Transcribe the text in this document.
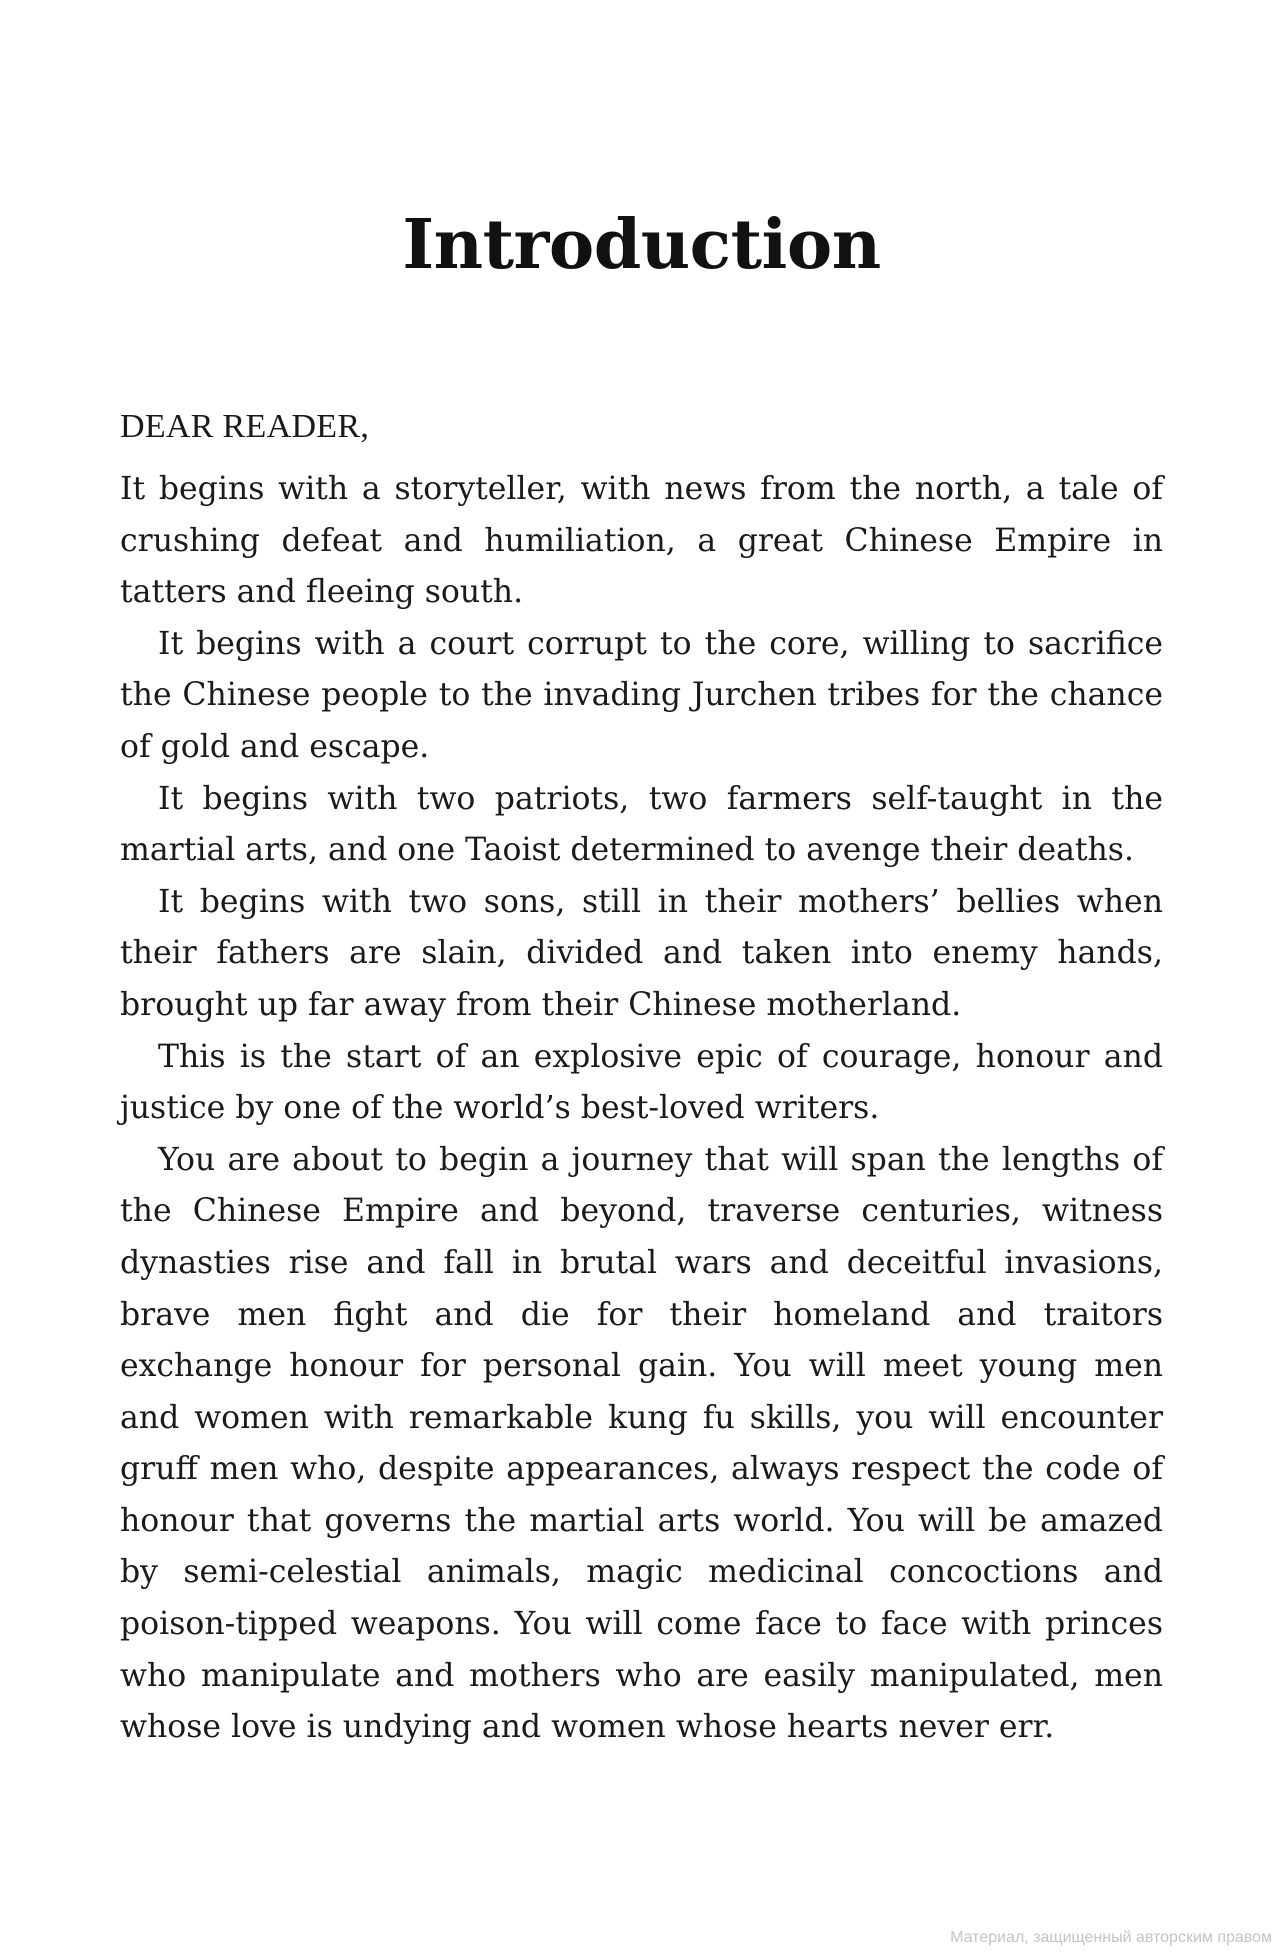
Introduction

DEAR READER,

It begins with a storyteller, with news from the north, a tale of crushing defeat and humiliation, a great Chinese Empire in tatters and fleeing south.

It begins with a court corrupt to the core, willing to sacrifice the Chinese people to the invading Jurchen tribes for the chance of gold and escape.

It begins with two patriots, two farmers self-taught in the martial arts, and one Taoist determined to avenge their deaths.

It begins with two sons, still in their mothers’ bellies when their fathers are slain, divided and taken into enemy hands, brought up far away from their Chinese motherland.

This is the start of an explosive epic of courage, honour and justice by one of the world’s best-loved writers.

You are about to begin a journey that will span the lengths of the Chinese Empire and beyond, traverse centuries, witness dynasties rise and fall in brutal wars and deceitful invasions, brave men fight and die for their homeland and traitors exchange honour for personal gain. You will meet young men and women with remarkable kung fu skills, you will encounter gruff men who, despite appearances, always respect the code of honour that governs the martial arts world. You will be amazed by semi-celestial animals, magic medicinal concoctions and poison-tipped weapons. You will come face to face with princes who manipulate and mothers who are easily manipulated, men whose love is undying and women whose hearts never err.

Материал, защищенный авторским правом
